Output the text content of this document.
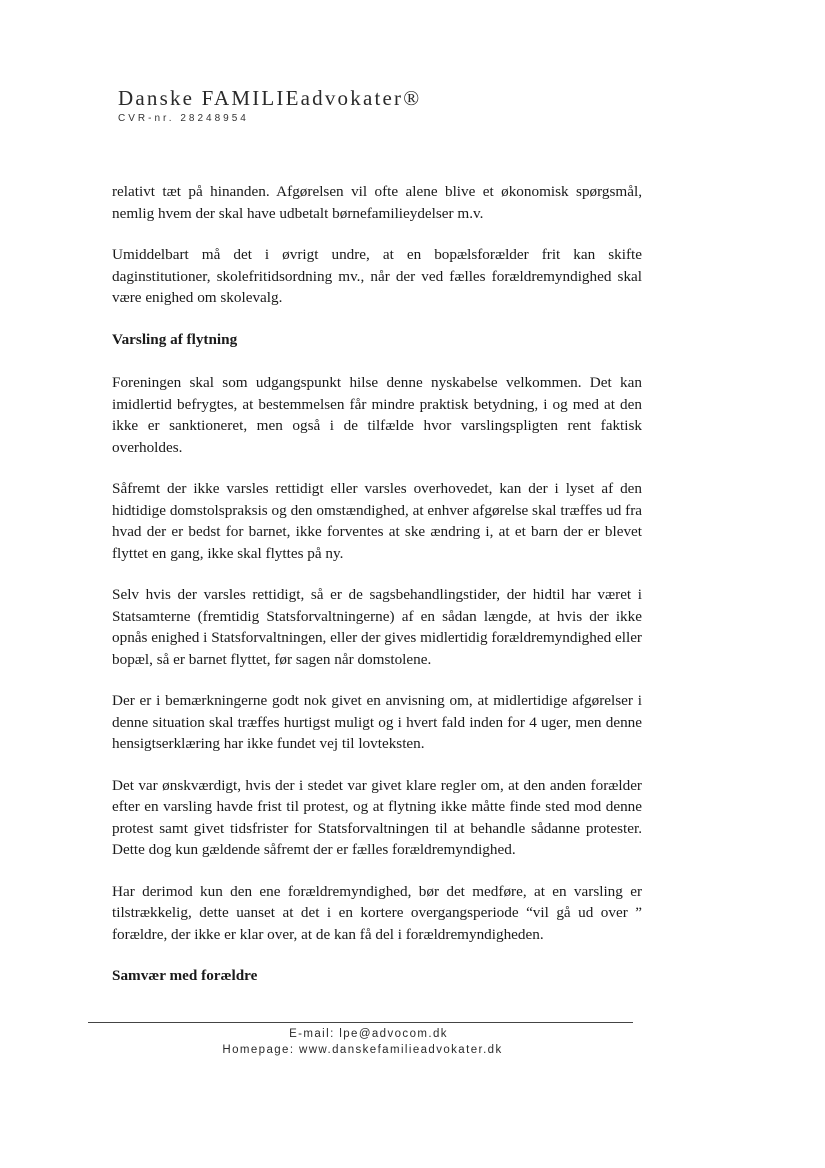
Danske FAMILIEadvokater®
CVR-nr. 28248954

relativt tæt på hinanden. Afgørelsen vil ofte alene blive et økonomisk spørgsmål, nemlig hvem der skal have udbetalt børnefamilieydelser m.v.

Umiddelbart må det i øvrigt undre, at en bopælsforælder frit kan skifte daginstitutioner, skolefritidsordning mv., når der ved fælles forældremyndighed skal være enighed om skolevalg.

Varsling af flytning

Foreningen skal som udgangspunkt hilse denne nyskabelse velkommen. Det kan imidlertid befrygtes, at bestemmelsen får mindre praktisk betydning, i og med at den ikke er sanktioneret, men også i de tilfælde hvor varslingspligten rent faktisk overholdes.

Såfremt der ikke varsles rettidigt eller varsles overhovedet, kan der i lyset af den hidtidige domstolspraksis og den omstændighed, at enhver afgørelse skal træffes ud fra hvad der er bedst for barnet, ikke forventes at ske ændring i, at et barn der er blevet flyttet en gang, ikke skal flyttes på ny.

Selv hvis der varsles rettidigt, så er de sagsbehandlingstider, der hidtil har været i Statsamterne (fremtidig Statsforvaltningerne) af en sådan længde, at hvis der ikke opnås enighed i Statsforvaltningen, eller der gives midlertidig forældremyndighed eller bopæl, så er barnet flyttet, før sagen når domstolene.

Der er i bemærkningerne godt nok givet en anvisning om, at midlertidige afgørelser i denne situation skal træffes hurtigst muligt og i hvert fald inden for 4 uger, men denne hensigtserklæring har ikke fundet vej til lovteksten.

Det var ønskværdigt, hvis der i stedet var givet klare regler om, at den anden forælder efter en varsling havde frist til protest, og at flytning ikke måtte finde sted mod denne protest samt givet tidsfrister for Statsforvaltningen til at behandle sådanne protester. Dette dog kun gældende såfremt der er fælles forældremyndighed.

Har derimod kun den ene forældremyndighed, bør det medføre, at en varsling er tilstrækkelig, dette uanset at det i en kortere overgangsperiode “vil gå ud over ” forældre, der ikke er klar over, at de kan få del i forældremyndigheden.

Samvær med forældre
E-mail: lpe@advocom.dk
Homepage: www.danskefamilieadvokater.dk
